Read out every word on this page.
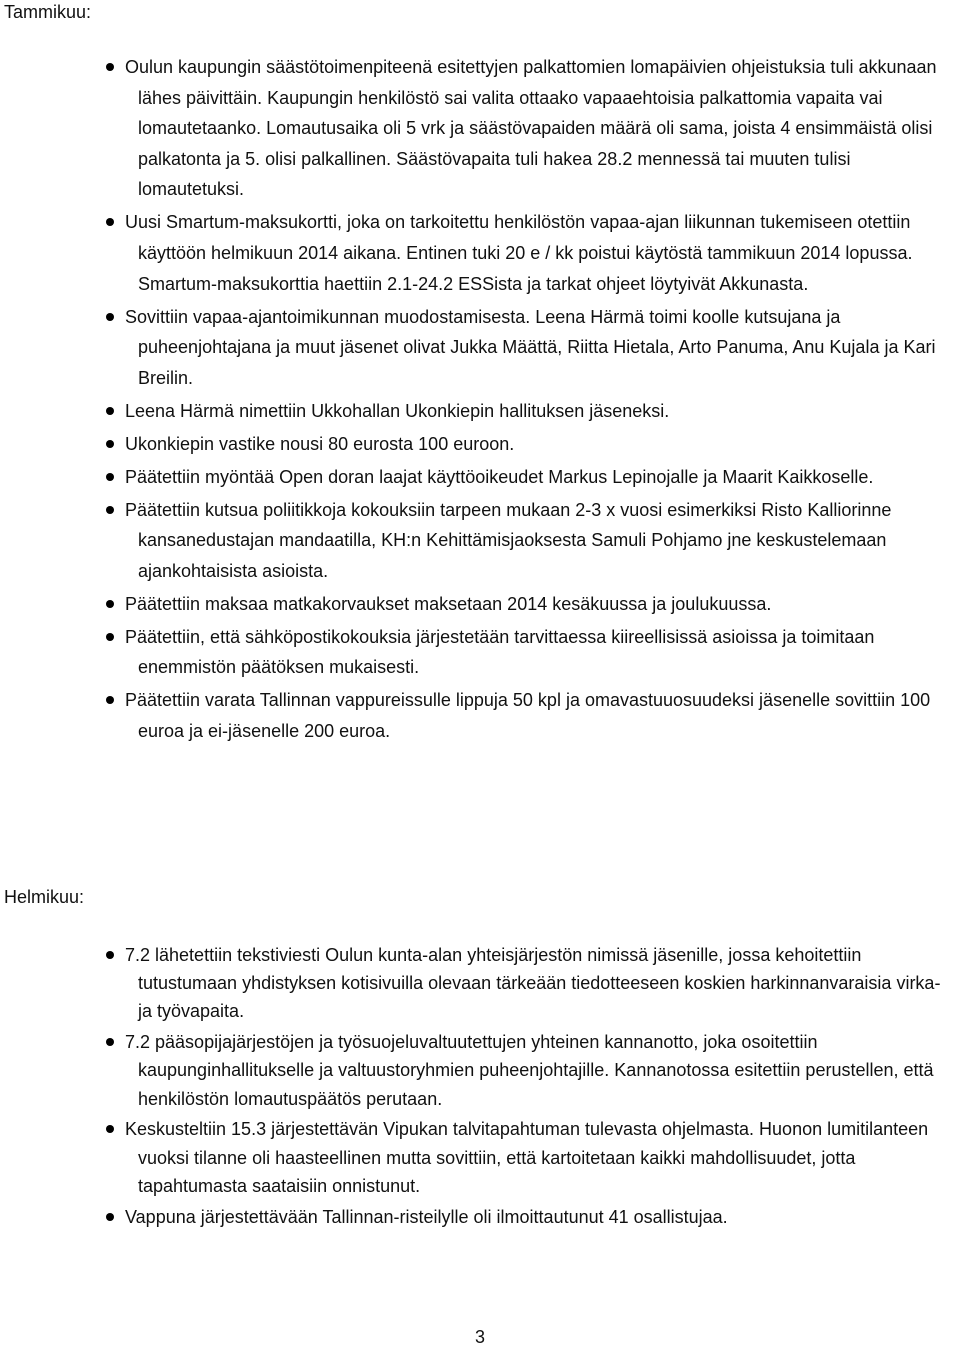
Tammikuu:
Oulun kaupungin säästötoimenpiteenä esitettyjen palkattomien lomapäivien ohjeistuksia tuli akkunaan lähes päivittäin. Kaupungin henkilöstö sai valita ottaako vapaaehtoisia palkattomia vapaita vai lomautetaanko. Lomautusaika oli 5 vrk ja säästövapaiden määrä oli sama, joista 4 ensimmäistä olisi palkatonta ja 5. olisi palkallinen. Säästövapaita tuli hakea 28.2 mennessä tai muuten tulisi lomautetuksi.
Uusi Smartum-maksukortti, joka on tarkoitettu henkilöstön vapaa-ajan liikunnan tukemiseen otettiin käyttöön helmikuun 2014 aikana. Entinen tuki 20 e / kk poistui käytöstä tammikuun 2014 lopussa. Smartum-maksukorttia haettiin 2.1-24.2 ESSista ja tarkat ohjeet löytyivät Akkunasta.
Sovittiin vapaa-ajantoimikunnan muodostamisesta. Leena Härmä toimi koolle kutsujana ja puheenjohtajana ja muut jäsenet olivat Jukka Määttä, Riitta Hietala, Arto Panuma, Anu Kujala ja Kari Breilin.
Leena Härmä nimettiin Ukkohallan Ukonkiepin hallituksen jäseneksi.
Ukonkiepin vastike nousi 80 eurosta 100 euroon.
Päätettiin myöntää Open doran laajat käyttöoikeudet Markus Lepinojalle ja Maarit Kaikkoselle.
Päätettiin kutsua poliitikkoja kokouksiin tarpeen mukaan 2-3 x vuosi esimerkiksi Risto Kalliorinne kansanedustajan mandaatilla, KH:n Kehittämisjaoksesta Samuli Pohjamo jne keskustelemaan ajankohtaisista asioista.
Päätettiin maksaa matkakorvaukset maksetaan 2014 kesäkuussa ja joulukuussa.
Päätettiin, että sähköpostikokouksia järjestetään tarvittaessa kiireellisissä asioissa ja toimitaan enemmistön päätöksen mukaisesti.
Päätettiin varata Tallinnan vappureissulle lippuja 50 kpl ja omavastuuosuudeksi jäsenelle sovittiin 100 euroa ja ei-jäsenelle 200 euroa.
Helmikuu:
7.2 lähetettiin tekstiviesti Oulun kunta-alan yhteisjärjestön nimissä jäsenille, jossa kehoitettiin tutustumaan yhdistyksen kotisivuilla olevaan tärkeään tiedotteeseen koskien harkinnanvaraisia virka- ja työvapaita.
7.2 pääsopijajärjestöjen ja työsuojeluvaltuutettujen yhteinen kannanotto, joka osoitettiin kaupunginhallitukselle ja valtuustoryhmien puheenjohtajille. Kannanotossa esitettiin perustellen, että henkilöstön lomautuspäätös perutaan.
Keskusteltiin 15.3 järjestettävän Vipukan talvitapahtuman tulevasta ohjelmasta. Huonon lumitilanteen vuoksi tilanne oli haasteellinen mutta sovittiin, että kartoitetaan kaikki mahdollisuudet, jotta tapahtumasta saataisiin onnistunut.
Vappuna järjestettävään Tallinnan-risteilylle oli ilmoittautunut 41 osallistujaa.
3
